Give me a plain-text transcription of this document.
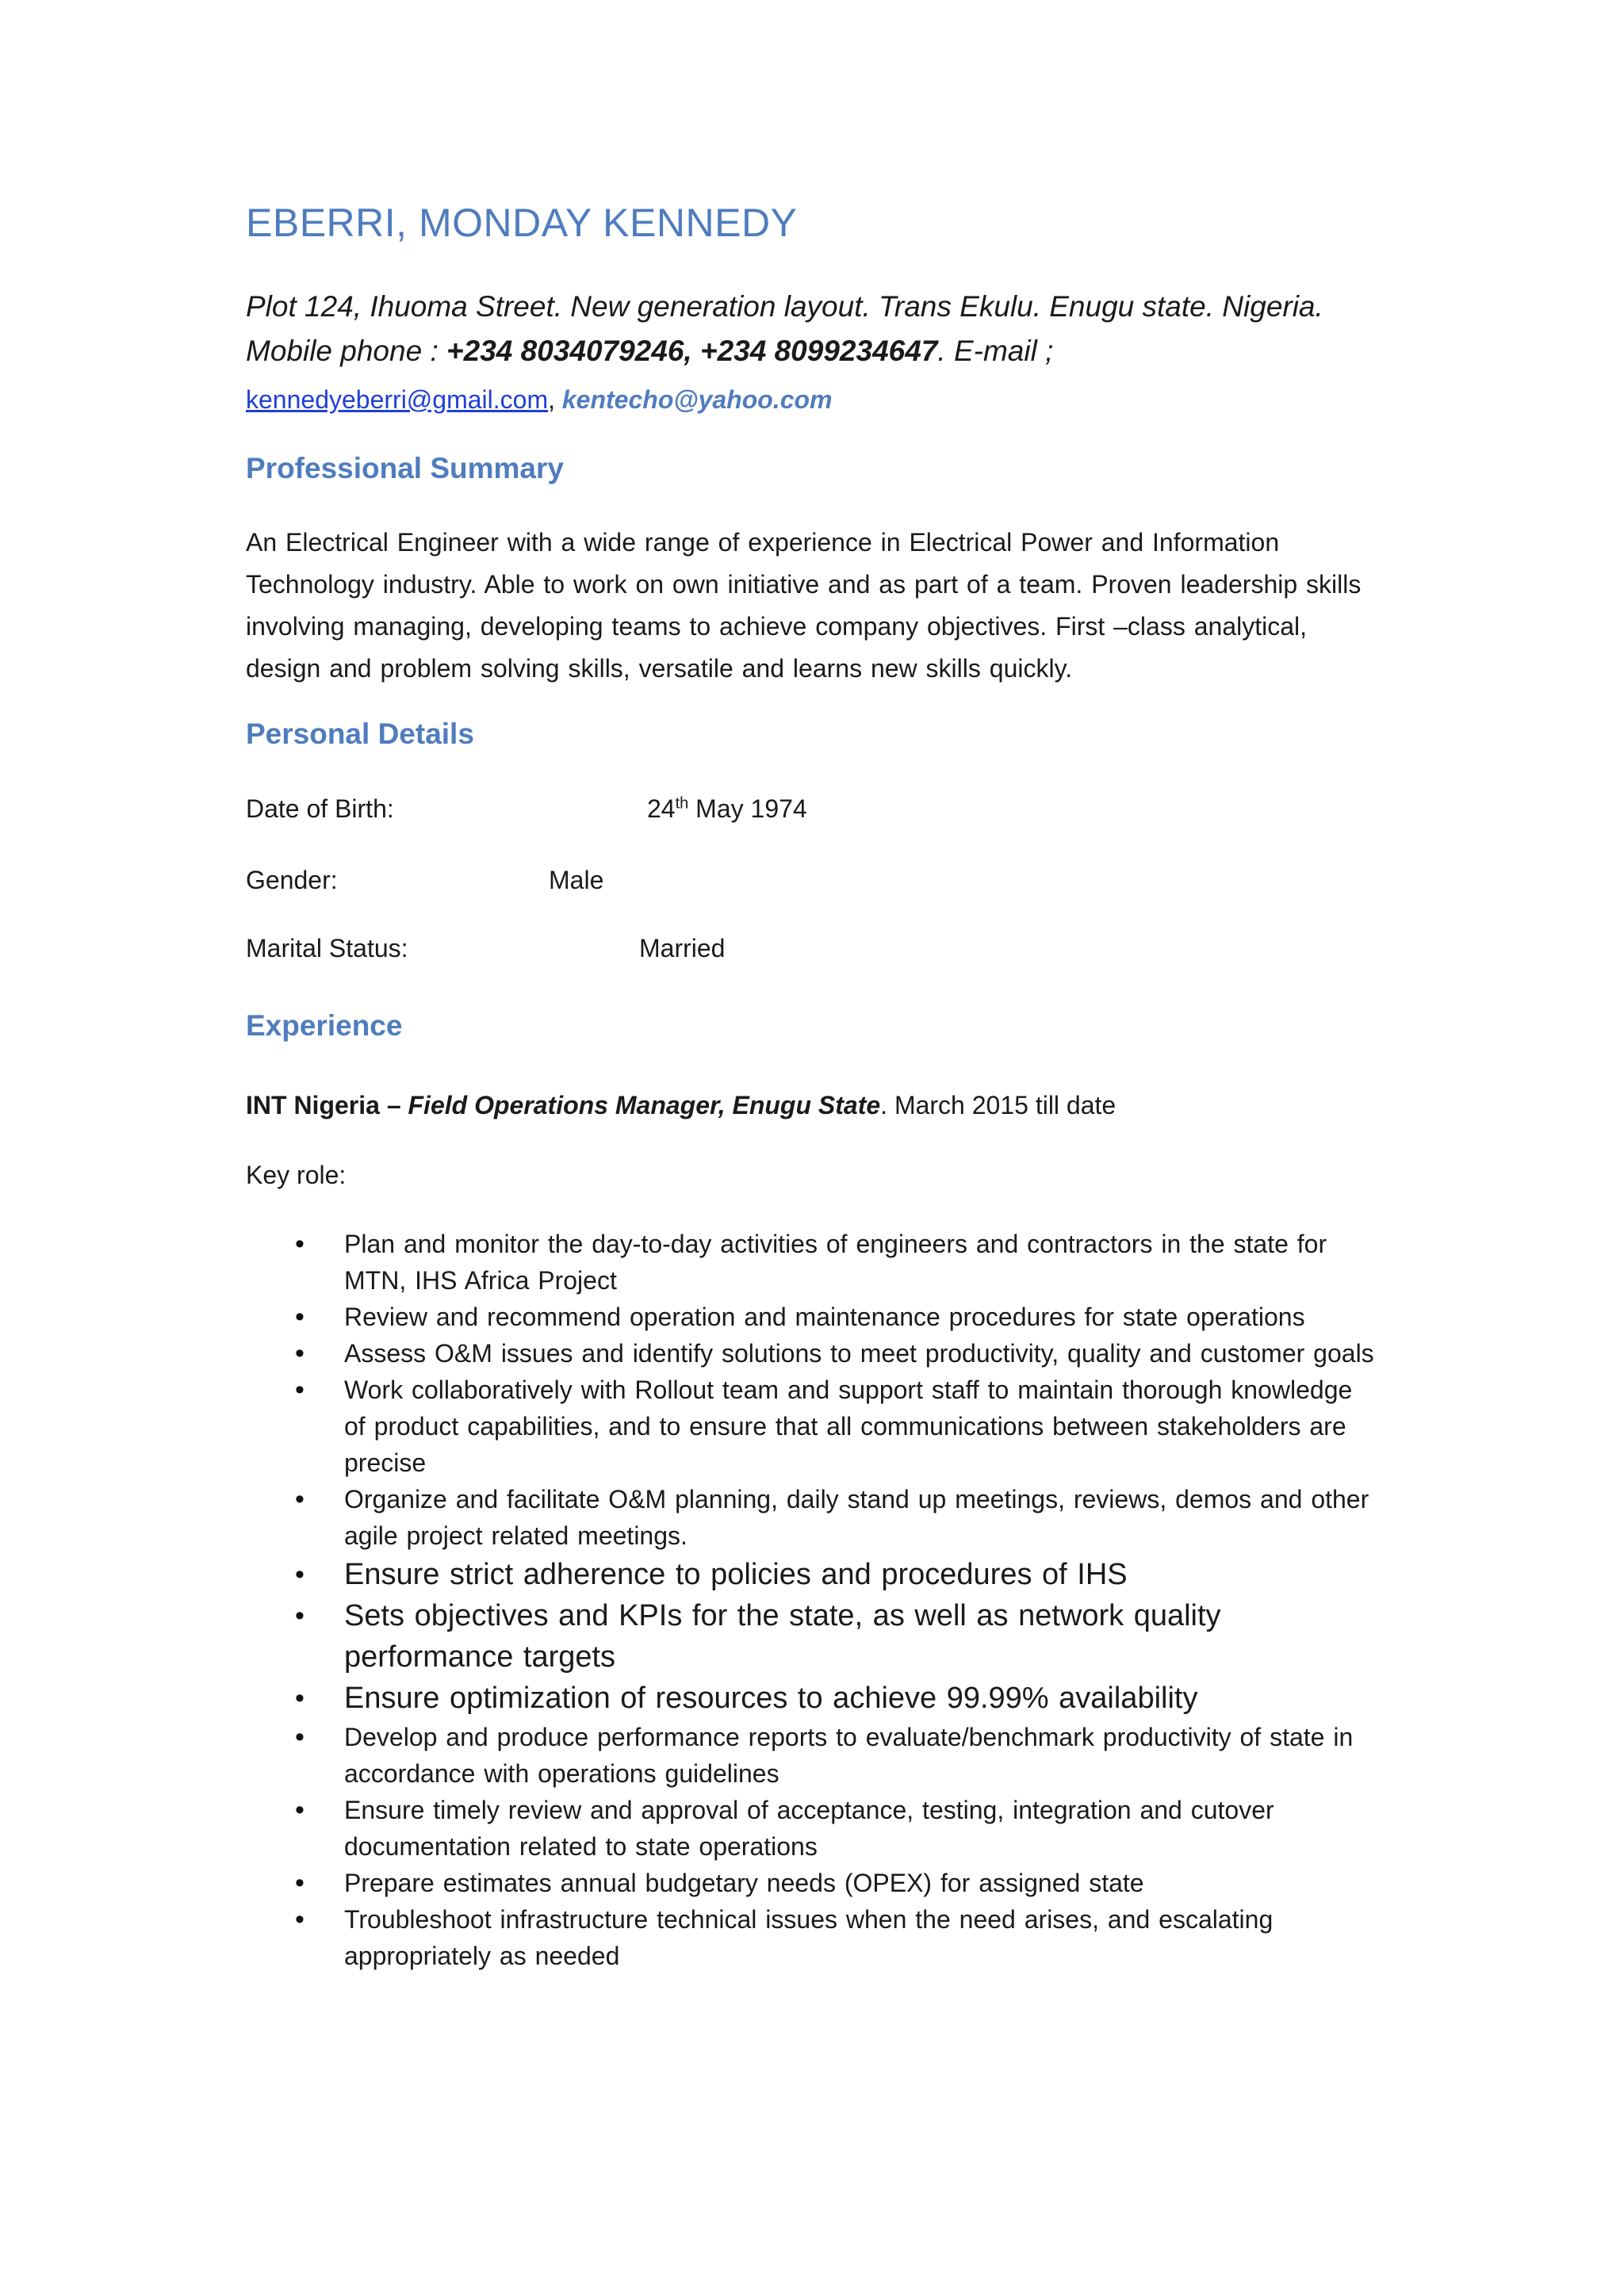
EBERRI, MONDAY KENNEDY

Plot 124, Ihuoma Street. New generation layout. Trans Ekulu. Enugu state. Nigeria.

Mobile phone : +234 8034079246, +234 8099234647. E-mail ;

kennedyeberri@gmail.com, kentecho@yahoo.com

Professional Summary

An Electrical Engineer with a wide range of experience in Electrical Power and Information Technology industry. Able to work on own initiative and as part of a team. Proven leadership skills involving managing, developing teams to achieve company objectives. First –class analytical, design and problem solving skills, versatile and learns new skills quickly.

Personal Details

Date of Birth:	24th May 1974

Gender:	Male

Marital Status:	Married

Experience

INT Nigeria – Field Operations Manager, Enugu State. March 2015 till date

Key role:

• Plan and monitor the day-to-day activities of engineers and contractors in the state for MTN, IHS Africa Project
• Review and recommend operation and maintenance procedures for state operations
• Assess O&M issues and identify solutions to meet productivity, quality and customer goals
• Work collaboratively with Rollout team and support staff to maintain thorough knowledge of product capabilities, and to ensure that all communications between stakeholders are precise
• Organize and facilitate O&M planning, daily stand up meetings, reviews, demos and other agile project related meetings.
• Ensure strict adherence to policies and procedures of IHS
• Sets objectives and KPIs for the state, as well as network quality performance targets
• Ensure optimization of resources to achieve 99.99% availability
• Develop and produce performance reports to evaluate/benchmark productivity of state in accordance with operations guidelines
• Ensure timely review and approval of acceptance, testing, integration and cutover documentation related to state operations
• Prepare estimates annual budgetary needs (OPEX) for assigned state
• Troubleshoot infrastructure technical issues when the need arises, and escalating appropriately as needed
